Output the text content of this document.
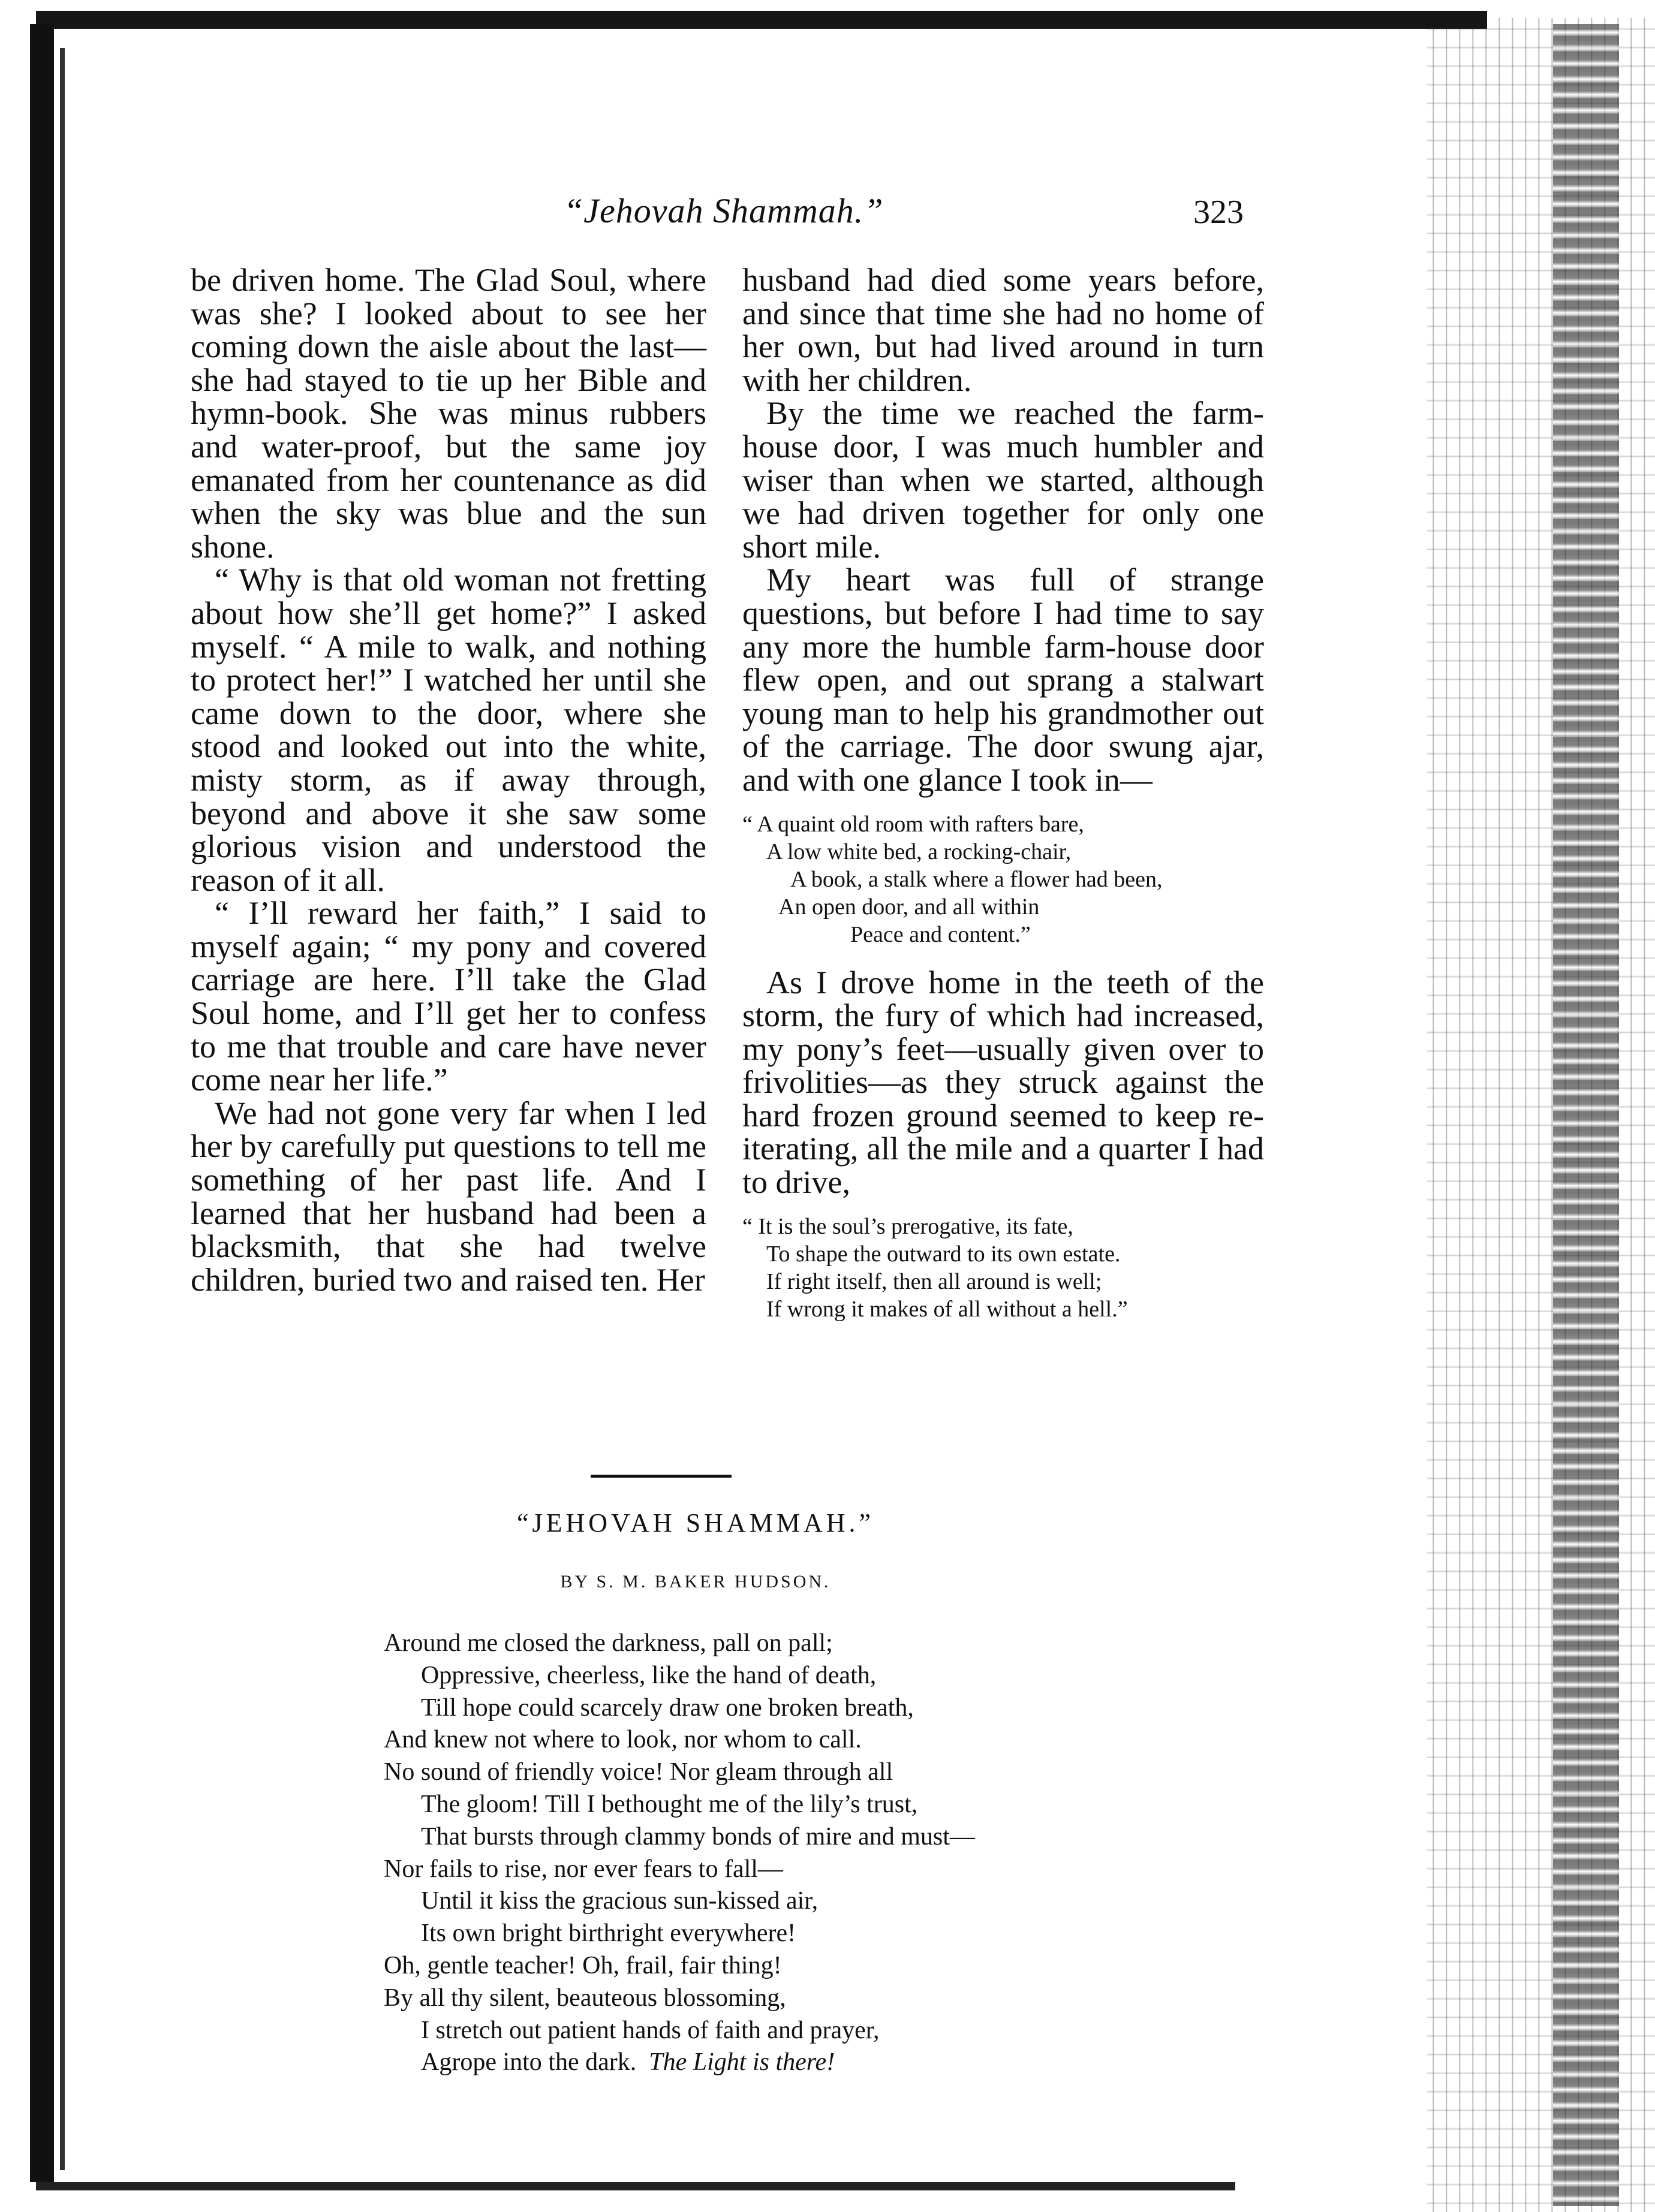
“Jehovah Shammah.”	323

be driven home. The Glad Soul, where was she? I looked about to see her coming down the aisle about the last—she had stayed to tie up her Bible and hymn-book. She was minus rubbers and water-proof, but the same joy emanated from her countenance as did when the sky was blue and the sun shone.

“ Why is that old woman not fretting about how she’ll get home?” I asked myself. “ A mile to walk, and nothing to protect her!” I watched her until she came down to the door, where she stood and looked out into the white, misty storm, as if away through, beyond and above it she saw some glorious vision and understood the reason of it all.

“ I’ll reward her faith,” I said to myself again; “ my pony and covered carriage are here. I’ll take the Glad Soul home, and I’ll get her to confess to me that trouble and care have never come near her life.”

We had not gone very far when I led her by carefully put questions to tell me something of her past life. And I learned that her husband had been a blacksmith, that she had twelve children, buried two and raised ten. Her

husband had died some years before, and since that time she had no home of her own, but had lived around in turn with her children.

By the time we reached the farm-house door, I was much humbler and wiser than when we started, although we had driven together for only one short mile.

My heart was full of strange questions, but before I had time to say any more the humble farm-house door flew open, and out sprang a stalwart young man to help his grandmother out of the carriage. The door swung ajar, and with one glance I took in—

“ A quaint old room with rafters bare,
A low white bed, a rocking-chair,
A book, a stalk where a flower had been,
An open door, and all within
Peace and content.”

As I drove home in the teeth of the storm, the fury of which had increased, my pony’s feet—usually given over to frivolities—as they struck against the hard frozen ground seemed to keep re-iterating, all the mile and a quarter I had to drive,

“ It is the soul’s prerogative, its fate,
To shape the outward to its own estate.
If right itself, then all around is well;
If wrong it makes of all without a hell.”
“JEHOVAH SHAMMAH.”
BY S. M. BAKER HUDSON.
Around me closed the darkness, pall on pall;
Oppressive, cheerless, like the hand of death,
Till hope could scarcely draw one broken breath,
And knew not where to look, nor whom to call.
No sound of friendly voice! Nor gleam through all
The gloom! Till I bethought me of the lily’s trust,
That bursts through clammy bonds of mire and must—
Nor fails to rise, nor ever fears to fall—
Until it kiss the gracious sun-kissed air,
Its own bright birthright everywhere!
Oh, gentle teacher! Oh, frail, fair thing!
By all thy silent, beauteous blossoming,
I stretch out patient hands of faith and prayer,
Agrope into the dark. The Light is there!
